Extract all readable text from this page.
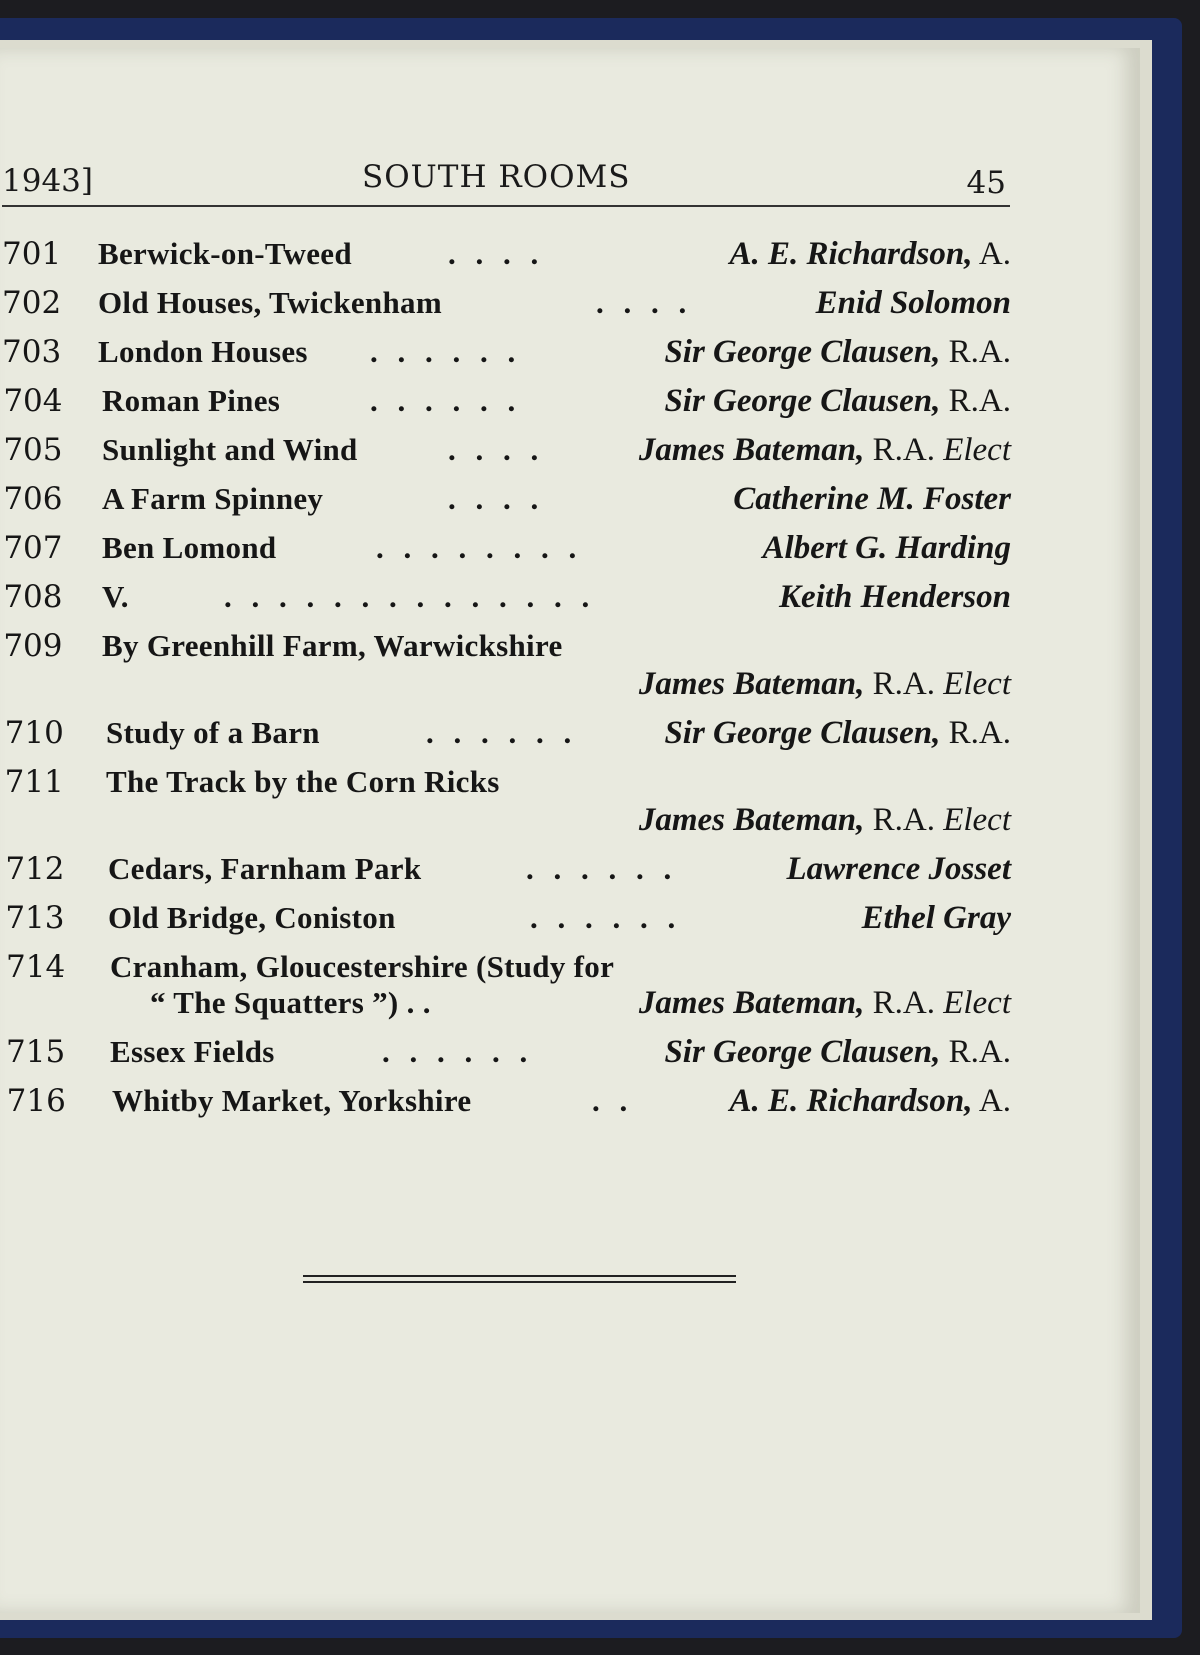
1943]	SOUTH ROOMS	45
701 Berwick-on-Tweed	. . . .	A. E. Richardson, A.
702 Old Houses, Twickenham	. . . .	Enid Solomon
703 London Houses . . . . . .	Sir George Clausen, R.A.
704 Roman Pines	. . . . . .	Sir George Clausen, R.A.
705 Sunlight and Wind	. . . .	James Bateman, R.A. Elect
706 A Farm Spinney	. . . .	Catherine M. Foster
707 Ben Lomond	. . . . . . . .	Albert G. Harding
708 V.	. . . . . . . . . . . . . .	Keith Henderson
709 By Greenhill Farm, Warwickshire
James Bateman, R.A. Elect
710 Study of a Barn	. . . . . .	Sir George Clausen, R.A.
711 The Track by the Corn Ricks
James Bateman, R.A. Elect
712 Cedars, Farnham Park	. . . . . .	Lawrence Josset
713 Old Bridge, Coniston	. . . . . .	Ethel Gray
714 Cranham, Gloucestershire (Study for
“ The Squatters ”) . .	James Bateman, R.A. Elect
715 Essex Fields	. . . . . .	Sir George Clausen, R.A.
716 Whitby Market, Yorkshire	. .	A. E. Richardson, A.
